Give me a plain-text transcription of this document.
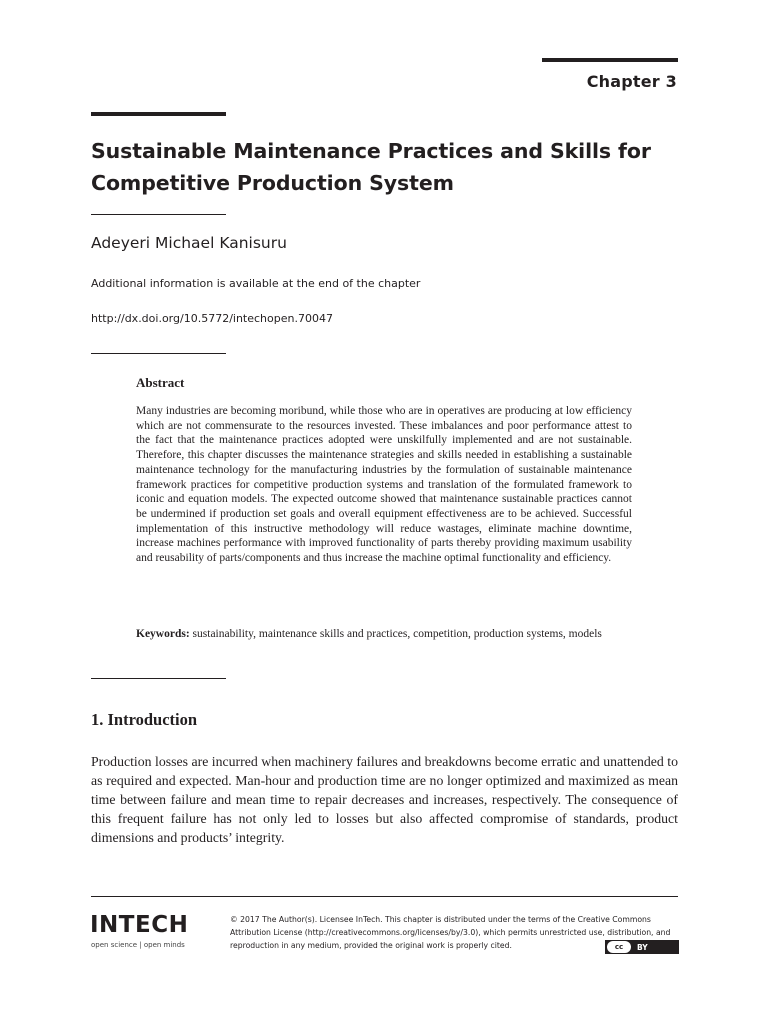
Chapter 3
Sustainable Maintenance Practices and Skills for
Competitive Production System
Adeyeri Michael Kanisuru
Additional information is available at the end of the chapter
http://dx.doi.org/10.5772/intechopen.70047
Abstract
Many industries are becoming moribund, while those who are in operatives are producing at low efficiency which are not commensurate to the resources invested. These imbalances and poor performance attest to the fact that the maintenance practices adopted were unskilfully implemented and are not sustainable. Therefore, this chapter discusses the maintenance strategies and skills needed in establishing a sustainable maintenance technology for the manufacturing industries by the formulation of sustainable maintenance framework practices for competitive production systems and translation of the formulated framework to iconic and equation models. The expected outcome showed that maintenance sustainable practices cannot be undermined if production set goals and overall equipment effectiveness are to be achieved. Successful implementation of this instructive methodology will reduce wastages, eliminate machine downtime, increase machines performance with improved functionality of parts thereby providing maximum usability and reusability of parts/components and thus increase the machine optimal functionality and efficiency.
Keywords: sustainability, maintenance skills and practices, competition, production systems, models
1. Introduction
Production losses are incurred when machinery failures and breakdowns become erratic and unattended to as required and expected. Man-hour and production time are no longer optimized and maximized as mean time between failure and mean time to repair decreases and increases, respectively. The consequence of this frequent failure has not only led to losses but also affected compromise of standards, product dimensions and products’ integrity.
INTECH
open science | open minds
© 2017 The Author(s). Licensee InTech. This chapter is distributed under the terms of the Creative Commons Attribution License (http://creativecommons.org/licenses/by/3.0), which permits unrestricted use, distribution, and reproduction in any medium, provided the original work is properly cited.	cc	BY
